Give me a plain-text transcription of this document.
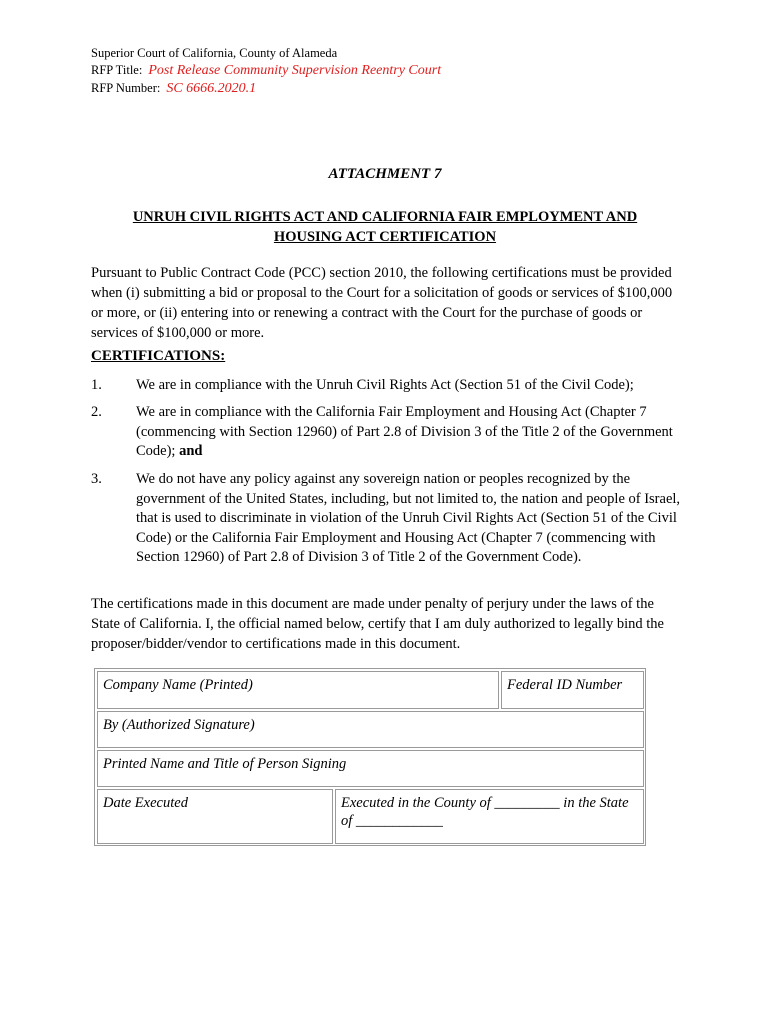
Superior Court of California, County of Alameda
RFP Title: Post Release Community Supervision Reentry Court
RFP Number: SC 6666.2020.1
ATTACHMENT 7
UNRUH CIVIL RIGHTS ACT AND CALIFORNIA FAIR EMPLOYMENT AND
HOUSING ACT CERTIFICATION
Pursuant to Public Contract Code (PCC) section 2010, the following certifications must be provided when (i) submitting a bid or proposal to the Court for a solicitation of goods or services of $100,000 or more, or (ii) entering into or renewing a contract with the Court for the purchase of goods or services of $100,000 or more.
CERTIFICATIONS:
1. We are in compliance with the Unruh Civil Rights Act (Section 51 of the Civil Code);
2. We are in compliance with the California Fair Employment and Housing Act (Chapter 7 (commencing with Section 12960) of Part 2.8 of Division 3 of the Title 2 of the Government Code); and
3. We do not have any policy against any sovereign nation or peoples recognized by the government of the United States, including, but not limited to, the nation and people of Israel, that is used to discriminate in violation of the Unruh Civil Rights Act (Section 51 of the Civil Code) or the California Fair Employment and Housing Act (Chapter 7 (commencing with Section 12960) of Part 2.8 of Division 3 of Title 2 of the Government Code).
The certifications made in this document are made under penalty of perjury under the laws of the State of California. I, the official named below, certify that I am duly authorized to legally bind the proposer/bidder/vendor to certifications made in this document.
Company Name (Printed)	Federal ID Number
By (Authorized Signature)
Printed Name and Title of Person Signing
Date Executed	Executed in the County of _________ in the State of ____________
